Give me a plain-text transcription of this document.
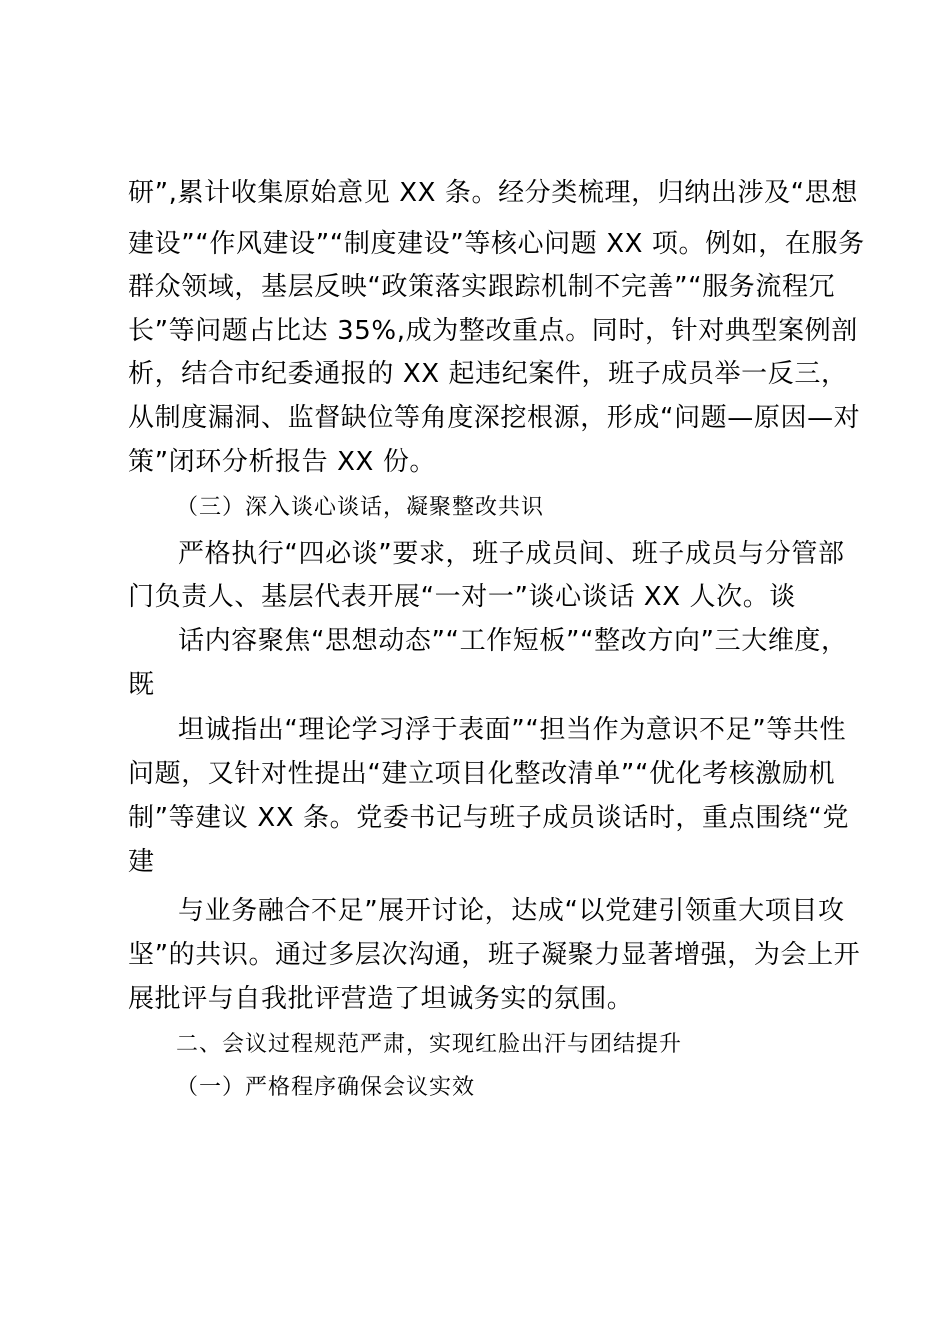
研”,累计收集原始意见 XX 条。经分类梳理，归纳出涉及“思想
建设”“作风建设”“制度建设”等核心问题 XX 项。例如，在服务
群众领域，基层反映“政策落实跟踪机制不完善”“服务流程冗
长”等问题占比达 35%,成为整改重点。同时，针对典型案例剖
析，结合市纪委通报的 XX 起违纪案件，班子成员举一反三，
从制度漏洞、监督缺位等角度深挖根源，形成“问题—原因—对
策”闭环分析报告 XX 份。
（三）深入谈心谈话，凝聚整改共识
严格执行“四必谈”要求，班子成员间、班子成员与分管部
门负责人、基层代表开展“一对一”谈心谈话 XX 人次。谈
话内容聚焦“思想动态”“工作短板”“整改方向”三大维度，
既
坦诚指出“理论学习浮于表面”“担当作为意识不足”等共性
问题，又针对性提出“建立项目化整改清单”“优化考核激励机
制”等建议 XX 条。党委书记与班子成员谈话时，重点围绕“党
建
与业务融合不足”展开讨论，达成“以党建引领重大项目攻
坚”的共识。通过多层次沟通，班子凝聚力显著增强，为会上开
展批评与自我批评营造了坦诚务实的氛围。
二、会议过程规范严肃，实现红脸出汗与团结提升
（一）严格程序确保会议实效
